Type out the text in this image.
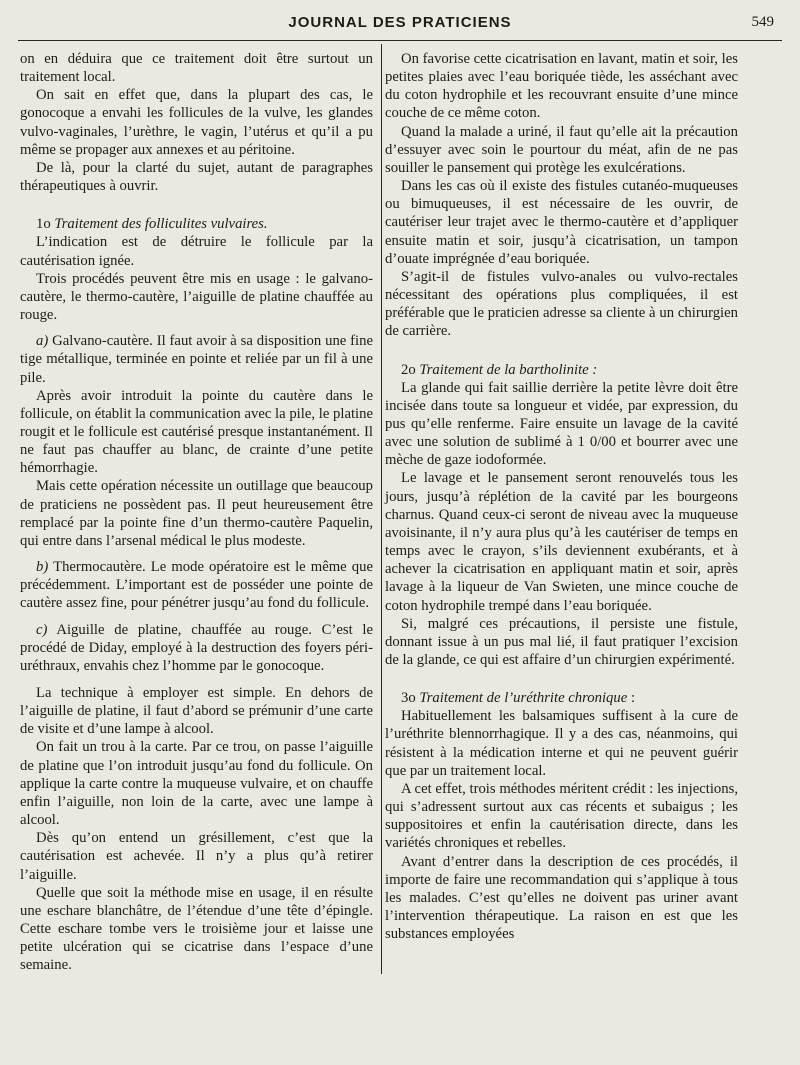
JOURNAL DES PRATICIENS	549

on en déduira que ce traitement doit être surtout un traitement local.

On sait en effet que, dans la plupart des cas, le gonocoque a envahi les follicules de la vulve, les glandes vulvo-vaginales, l’urèthre, le vagin, l’utérus et qu’il a pu même se propager aux annexes et au péritoine.

De là, pour la clarté du sujet, autant de paragraphes thérapeutiques à ouvrir.

1o Traitement des folliculites vulvaires.

L’indication est de détruire le follicule par la cautérisation ignée.

Trois procédés peuvent être mis en usage : le galvano-cautère, le thermo-cautère, l’aiguille de platine chauffée au rouge.

a) Galvano-cautère. Il faut avoir à sa disposition une fine tige métallique, terminée en pointe et reliée par un fil à une pile.

Après avoir introduit la pointe du cautère dans le follicule, on établit la communication avec la pile, le platine rougit et le follicule est cautérisé presque instantanément. Il ne faut pas chauffer au blanc, de crainte d’une petite hémorrhagie.

Mais cette opération nécessite un outillage que beaucoup de praticiens ne possèdent pas. Il peut heureusement être remplacé par la pointe fine d’un thermo-cautère Paquelin, qui entre dans l’arsenal médical le plus modeste.

b) Thermocautère. Le mode opératoire est le même que précédemment. L’important est de posséder une pointe de cautère assez fine, pour pénétrer jusqu’au fond du follicule.

c) Aiguille de platine, chauffée au rouge. C’est le procédé de Diday, employé à la destruction des foyers péri-uréthraux, envahis chez l’homme par le gonocoque.

La technique à employer est simple. En dehors de l’aiguille de platine, il faut d’abord se prémunir d’une carte de visite et d’une lampe à alcool.

On fait un trou à la carte. Par ce trou, on passe l’aiguille de platine que l’on introduit jusqu’au fond du follicule. On applique la carte contre la muqueuse vulvaire, et on chauffe enfin l’aiguille, non loin de la carte, avec une lampe à alcool.

Dès qu’on entend un grésillement, c’est que la cautérisation est achevée. Il n’y a plus qu’à retirer l’aiguille.

Quelle que soit la méthode mise en usage, il en résulte une eschare blanchâtre, de l’étendue d’une tête d’épingle. Cette eschare tombe vers le troisième jour et laisse une petite ulcération qui se cicatrise dans l’espace d’une semaine.

On favorise cette cicatrisation en lavant, matin et soir, les petites plaies avec l’eau boriquée tiède, les asséchant avec du coton hydrophile et les recouvrant ensuite d’une mince couche de ce même coton.

Quand la malade a uriné, il faut qu’elle ait la précaution d’essuyer avec soin le pourtour du méat, afin de ne pas souiller le pansement qui protège les exulcérations.

Dans les cas où il existe des fistules cutanéo-muqueuses ou bimuqueuses, il est nécessaire de les ouvrir, de cautériser leur trajet avec le thermo-cautère et d’appliquer ensuite matin et soir, jusqu’à cicatrisation, un tampon d’ouate imprégnée d’eau boriquée.

S’agit-il de fistules vulvo-anales ou vulvo-rectales nécessitant des opérations plus compliquées, il est préférable que le praticien adresse sa cliente à un chirurgien de carrière.

2o Traitement de la bartholinite :

La glande qui fait saillie derrière la petite lèvre doit être incisée dans toute sa longueur et vidée, par expression, du pus qu’elle renferme. Faire ensuite un lavage de la cavité avec une solution de sublimé à 1 0/00 et bourrer avec une mèche de gaze iodoformée.

Le lavage et le pansement seront renouvelés tous les jours, jusqu’à réplétion de la cavité par les bourgeons charnus. Quand ceux-ci seront de niveau avec la muqueuse avoisinante, il n’y aura plus qu’à les cautériser de temps en temps avec le crayon, s’ils deviennent exubérants, et à achever la cicatrisation en appliquant matin et soir, après lavage à la liqueur de Van Swieten, une mince couche de coton hydrophile trempé dans l’eau boriquée.

Si, malgré ces précautions, il persiste une fistule, donnant issue à un pus mal lié, il faut pratiquer l’excision de la glande, ce qui est affaire d’un chirurgien expérimenté.

3o Traitement de l’uréthrite chronique :

Habituellement les balsamiques suffisent à la cure de l’uréthrite blennorrhagique. Il y a des cas, néanmoins, qui résistent à la médication interne et qui ne peuvent guérir que par un traitement local.

A cet effet, trois méthodes méritent crédit : les injections, qui s’adressent surtout aux cas récents et subaigus ; les suppositoires et enfin la cautérisation directe, dans les variétés chroniques et rebelles.

Avant d’entrer dans la description de ces procédés, il importe de faire une recommandation qui s’applique à tous les malades. C’est qu’elles ne doivent pas uriner avant l’intervention thérapeutique. La raison en est que les substances employées
